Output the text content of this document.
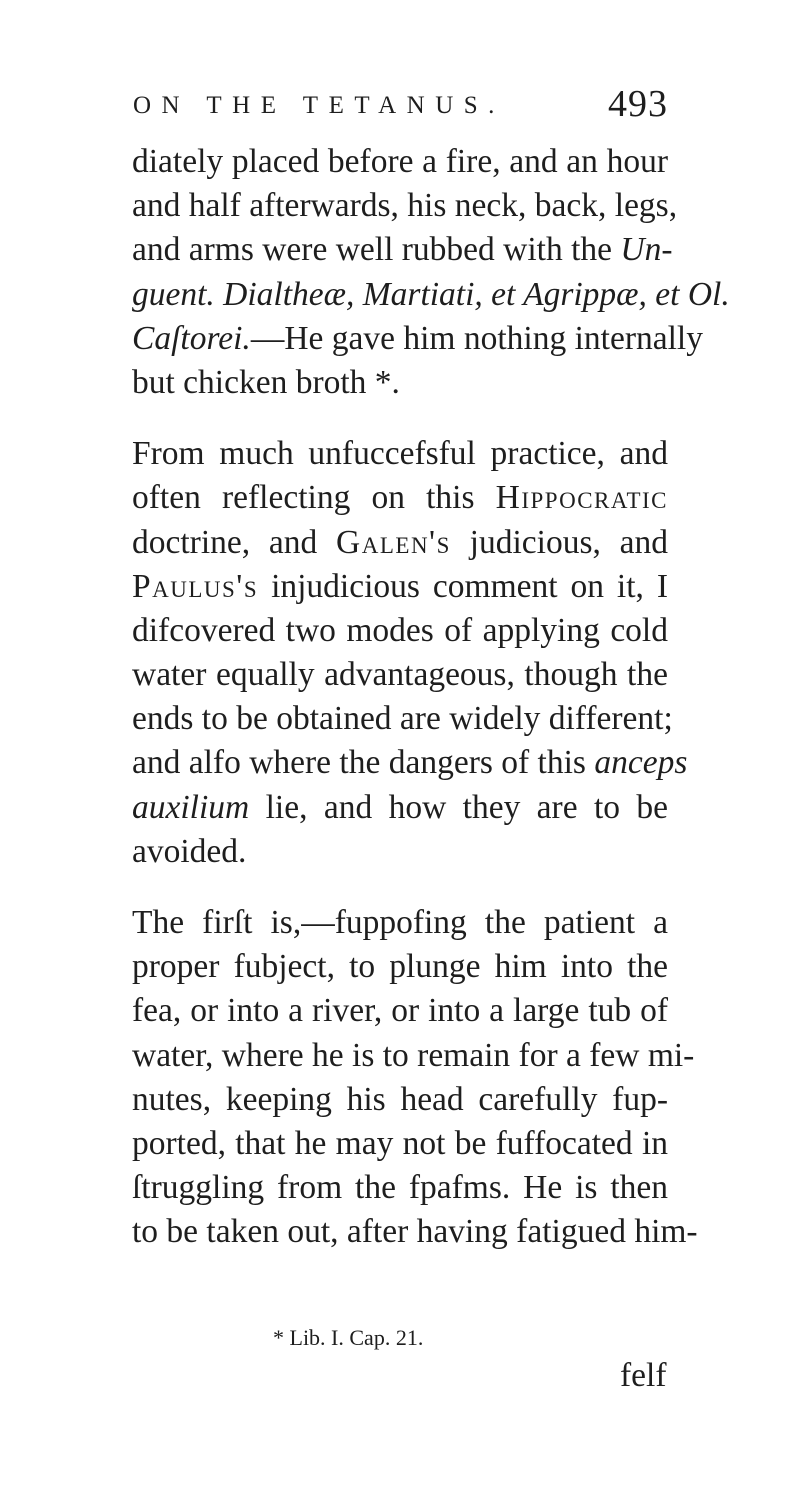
ON THE TETANUS.	493
diately placed before a fire, and an hour
and half afterwards, his neck, back, legs,
and arms were well rubbed with the Un-
guent. Dialtheæ, Martiati, et Agrippæ, et Ol.
Caſtorei.—He gave him nothing internally
but chicken broth *.
From much unfuccefsful practice, and
often reflecting on this Hippocratic
doctrine, and Galen's judicious, and
Paulus's injudicious comment on it, I
difcovered two modes of applying cold
water equally advantageous, though the
ends to be obtained are widely different;
and alfo where the dangers of this anceps
auxilium lie, and how they are to be
avoided.
The firſt is,—fuppofing the patient a
proper fubject, to plunge him into the
fea, or into a river, or into a large tub of
water, where he is to remain for a few mi-
nutes, keeping his head carefully fup-
ported, that he may not be fuffocated in
ſtruggling from the fpafms. He is then
to be taken out, after having fatigued him-
* Lib. I. Cap. 21.
felf
